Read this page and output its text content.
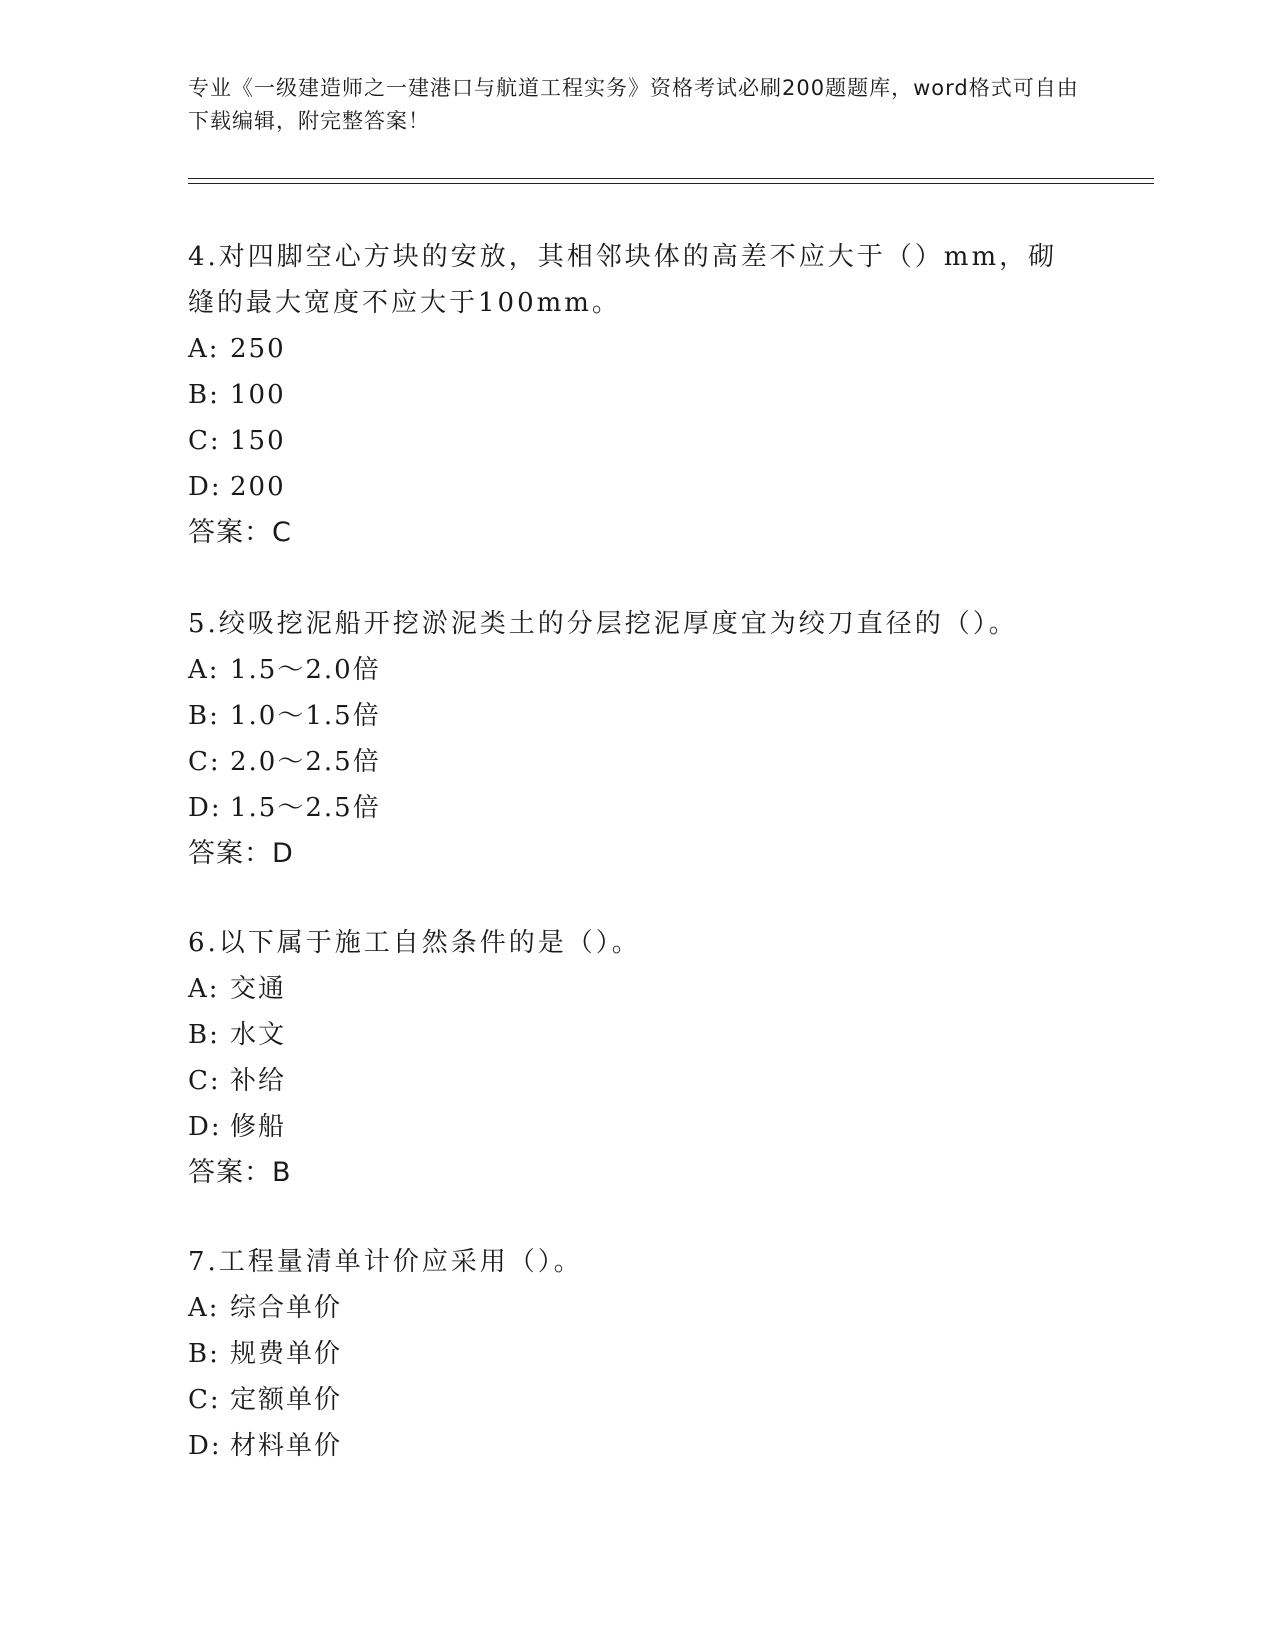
专业《一级建造师之一建港口与航道工程实务》资格考试必刷200题题库，word格式可自由下载编辑，附完整答案！
4.对四脚空心方块的安放，其相邻块体的高差不应大于（）mm，砌缝的最大宽度不应大于100mm。
A: 250
B: 100
C: 150
D: 200
答案：C
5.绞吸挖泥船开挖淤泥类土的分层挖泥厚度宜为绞刀直径的（）。
A: 1.5～2.0倍
B: 1.0～1.5倍
C: 2.0～2.5倍
D: 1.5～2.5倍
答案：D
6.以下属于施工自然条件的是（）。
A: 交通
B: 水文
C: 补给
D: 修船
答案：B
7.工程量清单计价应采用（）。
A: 综合单价
B: 规费单价
C: 定额单价
D: 材料单价
